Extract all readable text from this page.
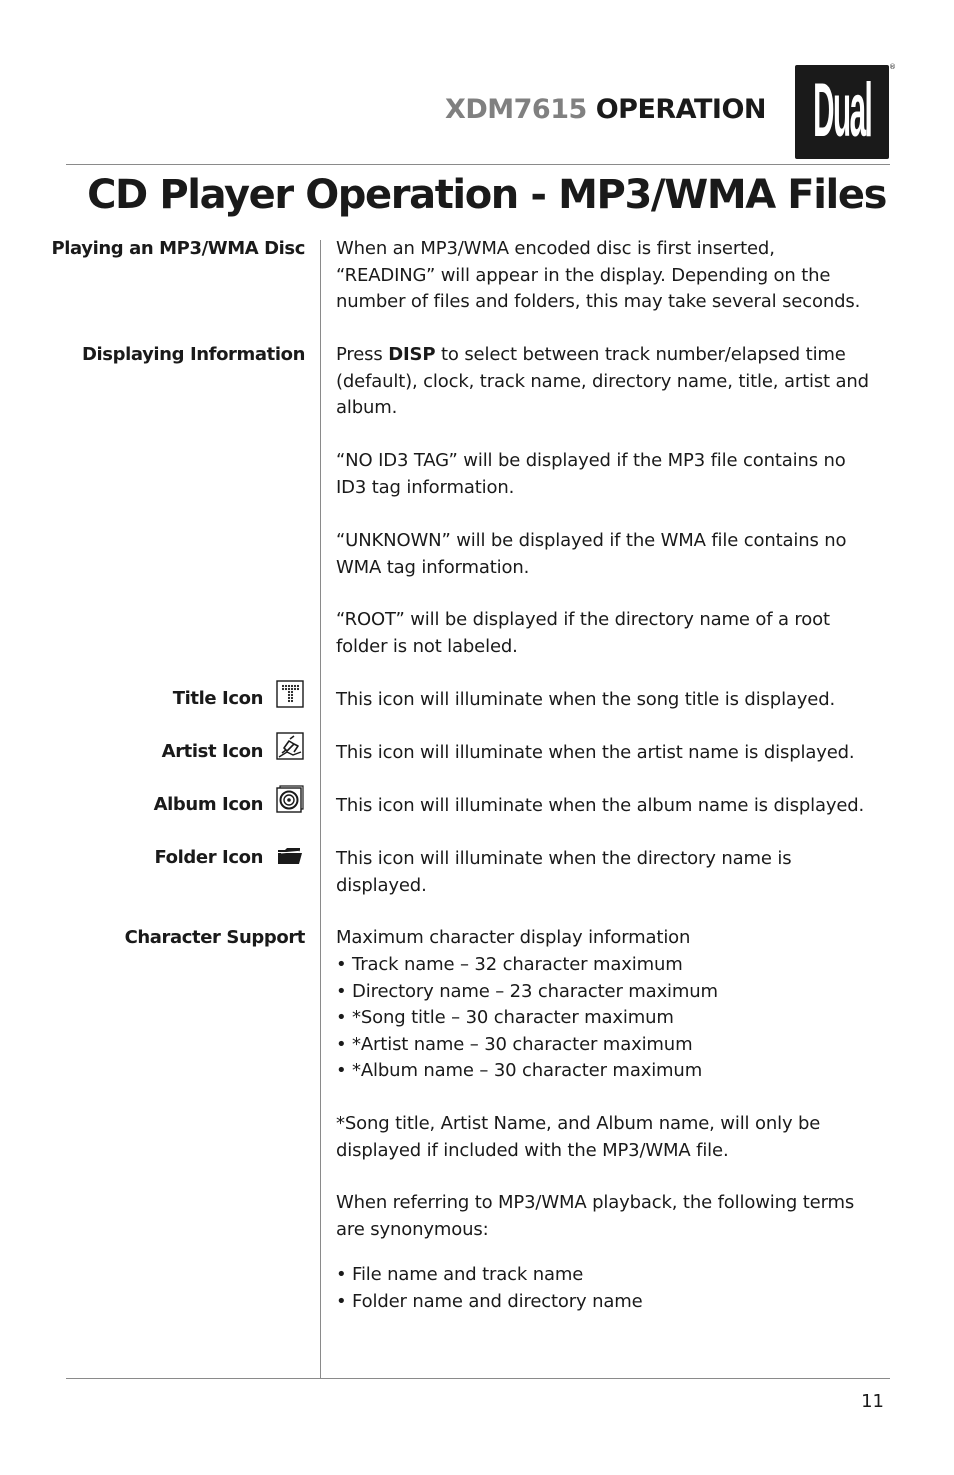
XDM7615 OPERATION Dual
®
CD Player Operation - MP3/WMA Files
Playing an MP3/WMA Disc
Displaying Information
Character Support
Title Icon
Artist Icon
Album Icon
Folder Icon

When an MP3/WMA encoded disc is first inserted,
“READING” will appear in the display. Depending on the
number of files and folders, this may take several seconds.

Press DISP to select between track number/elapsed time
(default), clock, track name, directory name, title, artist and
album.

“NO ID3 TAG” will be displayed if the MP3 file contains no
ID3 tag information.

“UNKNOWN” will be displayed if the WMA file contains no
WMA tag information.

“ROOT” will be displayed if the directory name of a root
folder is not labeled.

This icon will illuminate when the song title is displayed.

This icon will illuminate when the artist name is displayed.

This icon will illuminate when the album name is displayed.

This icon will illuminate when the directory name is
displayed.

Maximum character display information

• Track name – 32 character maximum
• Directory name – 23 character maximum
• *Song title – 30 character maximum
• *Artist name – 30 character maximum
• *Album name – 30 character maximum

*Song title, Artist Name, and Album name, will only be
displayed if included with the MP3/WMA file.

When referring to MP3/WMA playback, the following terms
are synonymous:

• File name and track name
• Folder name and directory name
11
